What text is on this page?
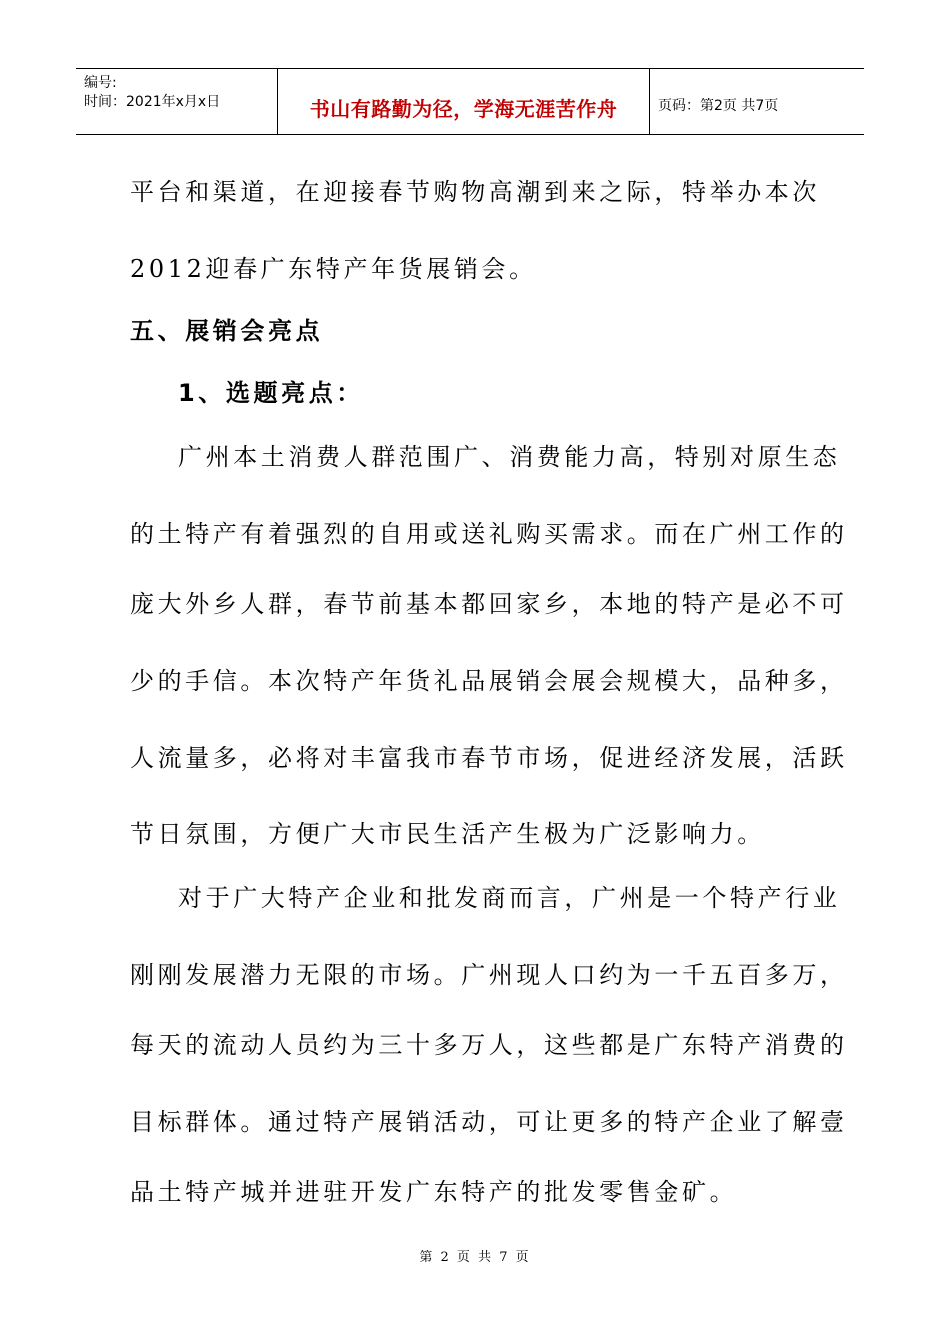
编号:
时间：2021年x月x日	书山有路勤为径，学海无涯苦作舟	页码：第2页 共7页
平台和渠道，在迎接春节购物高潮到来之际，特举办本次
2012迎春广东特产年货展销会。
五、展销会亮点
1、选题亮点：
广州本土消费人群范围广、消费能力高，特别对原生态
的土特产有着强烈的自用或送礼购买需求。而在广州工作的
庞大外乡人群，春节前基本都回家乡，本地的特产是必不可
少的手信。本次特产年货礼品展销会展会规模大，品种多，
人流量多，必将对丰富我市春节市场，促进经济发展，活跃
节日氛围，方便广大市民生活产生极为广泛影响力。
对于广大特产企业和批发商而言，广州是一个特产行业
刚刚发展潜力无限的市场。广州现人口约为一千五百多万，
每天的流动人员约为三十多万人，这些都是广东特产消费的
目标群体。通过特产展销活动，可让更多的特产企业了解壹
品土特产城并进驻开发广东特产的批发零售金矿。
第 2 页 共 7 页
